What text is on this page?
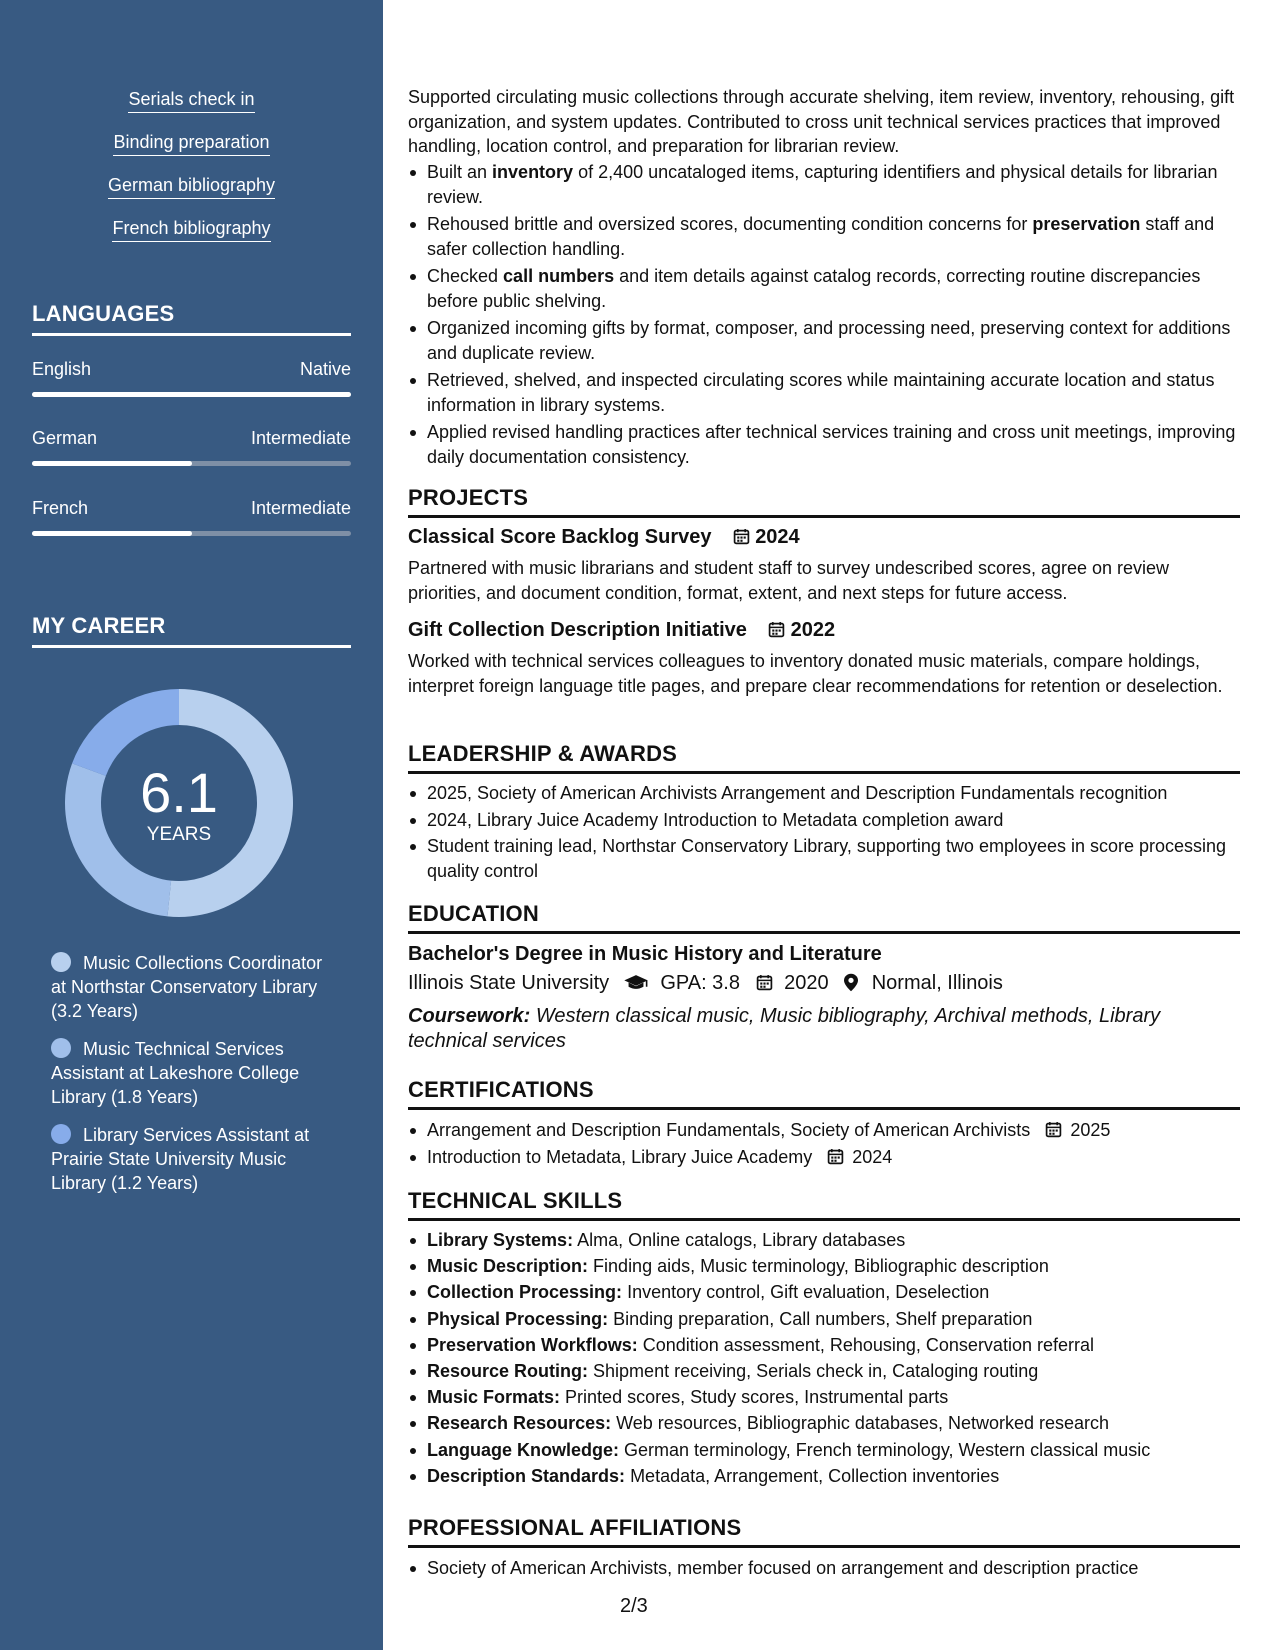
Serials check in
Binding preparation
German bibliography
French bibliography
LANGUAGES
English	Native
German	Intermediate
French	Intermediate
MY CAREER
6.1
YEARS
Music Collections Coordinator at Northstar Conservatory Library (3.2 Years)
Music Technical Services Assistant at Lakeshore College Library (1.8 Years)
Library Services Assistant at Prairie State University Music Library (1.2 Years)
Supported circulating music collections through accurate shelving, item review, inventory, rehousing, gift organization, and system updates. Contributed to cross unit technical services practices that improved handling, location control, and preparation for librarian review.
Built an inventory of 2,400 uncataloged items, capturing identifiers and physical details for librarian review.
Rehoused brittle and oversized scores, documenting condition concerns for preservation staff and safer collection handling.
Checked call numbers and item details against catalog records, correcting routine discrepancies before public shelving.
Organized incoming gifts by format, composer, and processing need, preserving context for additions and duplicate review.
Retrieved, shelved, and inspected circulating scores while maintaining accurate location and status information in library systems.
Applied revised handling practices after technical services training and cross unit meetings, improving daily documentation consistency.
PROJECTS
Classical Score Backlog Survey 2024
Partnered with music librarians and student staff to survey undescribed scores, agree on review priorities, and document condition, format, extent, and next steps for future access.
Gift Collection Description Initiative 2022
Worked with technical services colleagues to inventory donated music materials, compare holdings, interpret foreign language title pages, and prepare clear recommendations for retention or deselection.
LEADERSHIP & AWARDS
2025, Society of American Archivists Arrangement and Description Fundamentals recognition
2024, Library Juice Academy Introduction to Metadata completion award
Student training lead, Northstar Conservatory Library, supporting two employees in score processing quality control
EDUCATION
Bachelor's Degree in Music History and Literature
Illinois State University	GPA: 3.8 2020 Normal, Illinois
Coursework: Western classical music, Music bibliography, Archival methods, Library technical services
CERTIFICATIONS
Arrangement and Description Fundamentals, Society of American Archivists 2025
Introduction to Metadata, Library Juice Academy 2024
TECHNICAL SKILLS
Library Systems: Alma, Online catalogs, Library databases
Music Description: Finding aids, Music terminology, Bibliographic description
Collection Processing: Inventory control, Gift evaluation, Deselection
Physical Processing: Binding preparation, Call numbers, Shelf preparation
Preservation Workflows: Condition assessment, Rehousing, Conservation referral
Resource Routing: Shipment receiving, Serials check in, Cataloging routing
Music Formats: Printed scores, Study scores, Instrumental parts
Research Resources: Web resources, Bibliographic databases, Networked research
Language Knowledge: German terminology, French terminology, Western classical music
Description Standards: Metadata, Arrangement, Collection inventories
PROFESSIONAL AFFILIATIONS
Society of American Archivists, member focused on arrangement and description practice
2/3
